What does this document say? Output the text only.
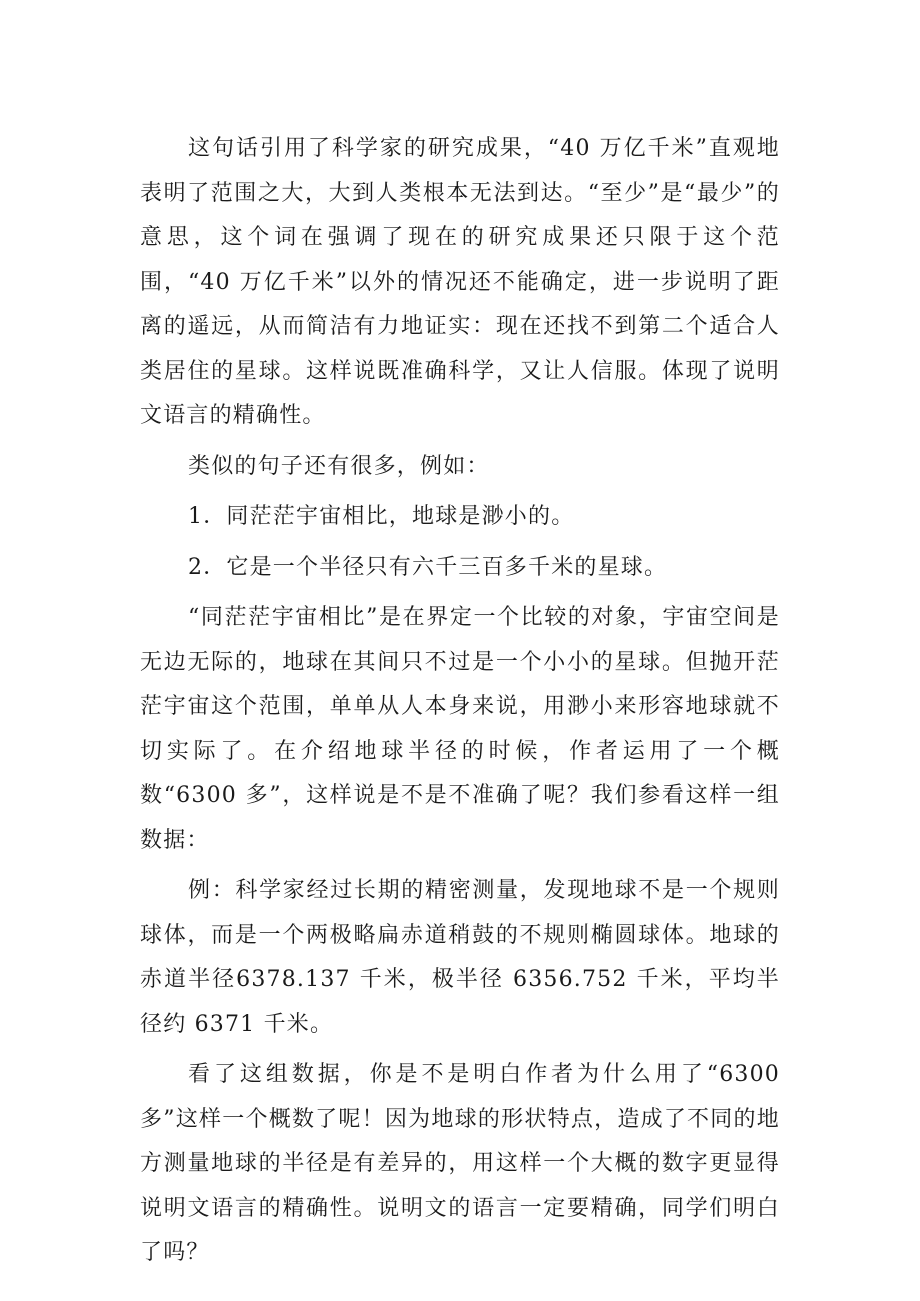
这句话引用了科学家的研究成果，“40 万亿千米”直观地表明了范围之大，大到人类根本无法到达。“至少”是“最少”的意思，这个词在强调了现在的研究成果还只限于这个范围，“40 万亿千米”以外的情况还不能确定，进一步说明了距离的遥远，从而简洁有力地证实：现在还找不到第二个适合人类居住的星球。这样说既准确科学，又让人信服。体现了说明文语言的精确性。

类似的句子还有很多，例如：

1．同茫茫宇宙相比，地球是渺小的。

2．它是一个半径只有六千三百多千米的星球。

“同茫茫宇宙相比”是在界定一个比较的对象，宇宙空间是无边无际的，地球在其间只不过是一个小小的星球。但抛开茫茫宇宙这个范围，单单从人本身来说，用渺小来形容地球就不切实际了。在介绍地球半径的时候，作者运用了一个概数“6300 多”，这样说是不是不准确了呢？我们参看这样一组数据：

例：科学家经过长期的精密测量，发现地球不是一个规则球体，而是一个两极略扁赤道稍鼓的不规则椭圆球体。地球的赤道半径6378.137 千米，极半径 6356.752 千米，平均半径约 6371 千米。

看了这组数据，你是不是明白作者为什么用了“6300 多”这样一个概数了呢！因为地球的形状特点，造成了不同的地方测量地球的半径是有差异的，用这样一个大概的数字更显得说明文语言的精确性。说明文的语言一定要精确，同学们明白了吗？
